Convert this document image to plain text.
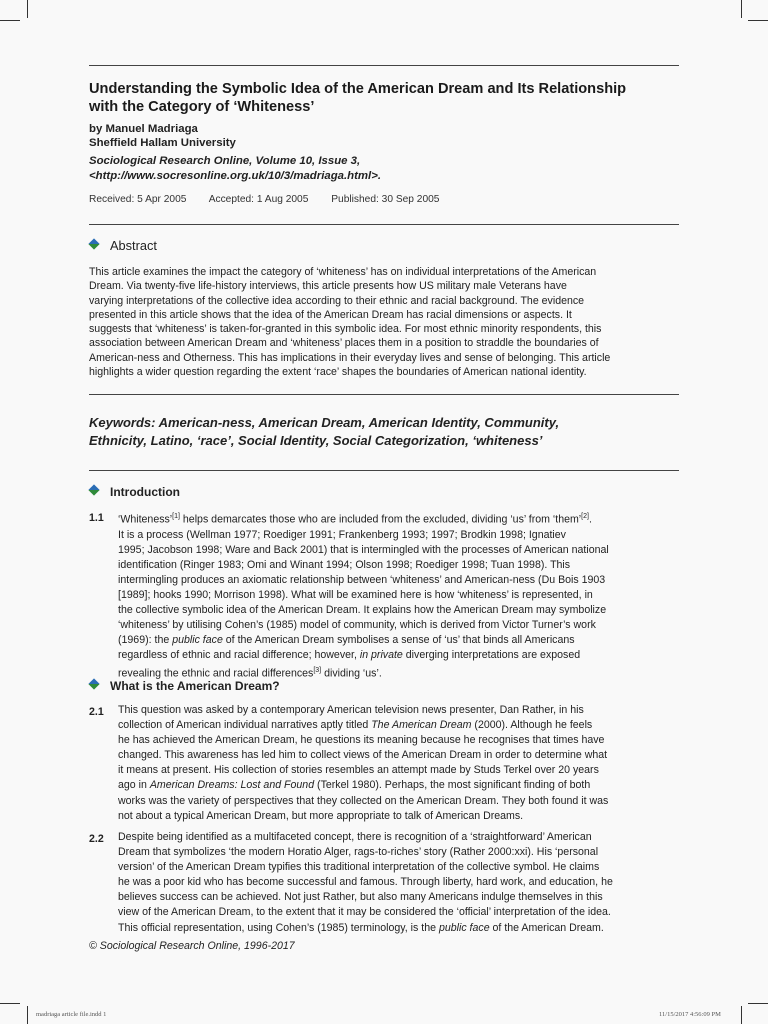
Understanding the Symbolic Idea of the American Dream and Its Relationship
with the Category of ‘Whiteness’
by Manuel Madriaga
Sheffield Hallam University
Sociological Research Online, Volume 10, Issue 3,
<http://www.socresonline.org.uk/10/3/madriaga.html>.
Received: 5 Apr 2005 Accepted: 1 Aug 2005 Published: 30 Sep 2005
Abstract
This article examines the impact the category of ‘whiteness’ has on individual interpretations of the American
Dream. Via twenty-five life-history interviews, this article presents how US military male Veterans have
varying interpretations of the collective idea according to their ethnic and racial background. The evidence
presented in this article shows that the idea of the American Dream has racial dimensions or aspects. It
suggests that ‘whiteness’ is taken-for-granted in this symbolic idea. For most ethnic minority respondents, this
association between American Dream and ‘whiteness’ places them in a position to straddle the boundaries of
American-ness and Otherness. This has implications in their everyday lives and sense of belonging. This article
highlights a wider question regarding the extent ‘race’ shapes the boundaries of American national identity.
Keywords: American-ness, American Dream, American Identity, Community,
Ethnicity, Latino, ‘race’, Social Identity, Social Categorization, ‘whiteness’
Introduction
1.1 ‘Whiteness’[1] helps demarcates those who are included from the excluded, dividing ‘us’ from ‘them’[2].
It is a process (Wellman 1977; Roediger 1991; Frankenberg 1993; 1997; Brodkin 1998; Ignatiev
1995; Jacobson 1998; Ware and Back 2001) that is intermingled with the processes of American national
identification (Ringer 1983; Omi and Winant 1994; Olson 1998; Roediger 1998; Tuan 1998). This
intermingling produces an axiomatic relationship between ‘whiteness’ and American-ness (Du Bois 1903
[1989]; hooks 1990; Morrison 1998). What will be examined here is how ‘whiteness’ is represented, in
the collective symbolic idea of the American Dream. It explains how the American Dream may symbolize
‘whiteness’ by utilising Cohen’s (1985) model of community, which is derived from Victor Turner’s work
(1969): the public face of the American Dream symbolises a sense of ‘us’ that binds all Americans
regardless of ethnic and racial difference; however, in private diverging interpretations are exposed
revealing the ethnic and racial differences[3] dividing ‘us’.
What is the American Dream?
2.1 This question was asked by a contemporary American television news presenter, Dan Rather, in his
collection of American individual narratives aptly titled The American Dream (2000). Although he feels
he has achieved the American Dream, he questions its meaning because he recognises that times have
changed. This awareness has led him to collect views of the American Dream in order to determine what
it means at present. His collection of stories resembles an attempt made by Studs Terkel over 20 years
ago in American Dreams: Lost and Found (Terkel 1980). Perhaps, the most significant finding of both
works was the variety of perspectives that they collected on the American Dream. They both found it was
not about a typical American Dream, but more appropriate to talk of American Dreams.
2.2 Despite being identified as a multifaceted concept, there is recognition of a ‘straightforward’ American
Dream that symbolizes ‘the modern Horatio Alger, rags-to-riches’ story (Rather 2000:xxi). His ‘personal
version’ of the American Dream typifies this traditional interpretation of the collective symbol. He claims
he was a poor kid who has become successful and famous. Through liberty, hard work, and education, he
believes success can be achieved. Not just Rather, but also many Americans indulge themselves in this
view of the American Dream, to the extent that it may be considered the ‘official’ interpretation of the idea.
This official representation, using Cohen’s (1985) terminology, is the public face of the American Dream.
© Sociological Research Online, 1996-2017
madriaga article file.indd 1	11/15/2017 4:56:09 PM
